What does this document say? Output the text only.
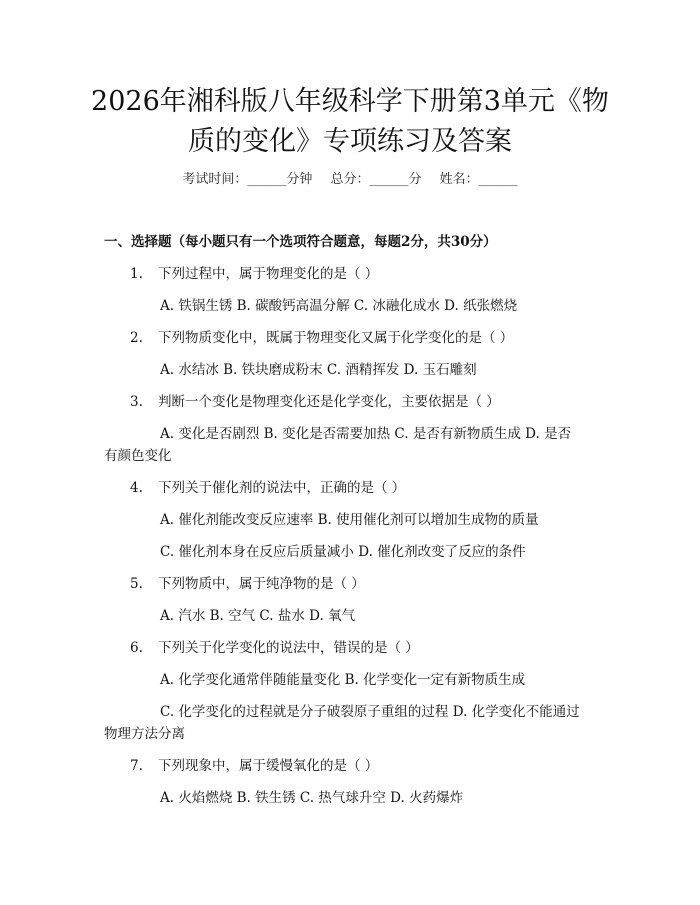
2026年湘科版八年级科学下册第3单元《物质的变化》专项练习及答案
考试时间：______分钟 总分：______分 姓名：______
一、选择题（每小题只有一个选项符合题意，每题2分，共30分）
1. 下列过程中，属于物理变化的是（ ）
A. 铁锅生锈 B. 碳酸钙高温分解 C. 冰融化成水 D. 纸张燃烧
2. 下列物质变化中，既属于物理变化又属于化学变化的是（ ）
A. 水结冰 B. 铁块磨成粉末 C. 酒精挥发 D. 玉石雕刻
3. 判断一个变化是物理变化还是化学变化，主要依据是（ ）
A. 变化是否剧烈 B. 变化是否需要加热 C. 是否有新物质生成 D. 是否
有颜色变化
4. 下列关于催化剂的说法中，正确的是（ ）
A. 催化剂能改变反应速率 B. 使用催化剂可以增加生成物的质量
C. 催化剂本身在反应后质量减小 D. 催化剂改变了反应的条件
5. 下列物质中，属于纯净物的是（ ）
A. 汽水 B. 空气 C. 盐水 D. 氧气
6. 下列关于化学变化的说法中，错误的是（ ）
A. 化学变化通常伴随能量变化 B. 化学变化一定有新物质生成
C. 化学变化的过程就是分子破裂原子重组的过程 D. 化学变化不能通过
物理方法分离
7. 下列现象中，属于缓慢氧化的是（ ）
A. 火焰燃烧 B. 铁生锈 C. 热气球升空 D. 火药爆炸
